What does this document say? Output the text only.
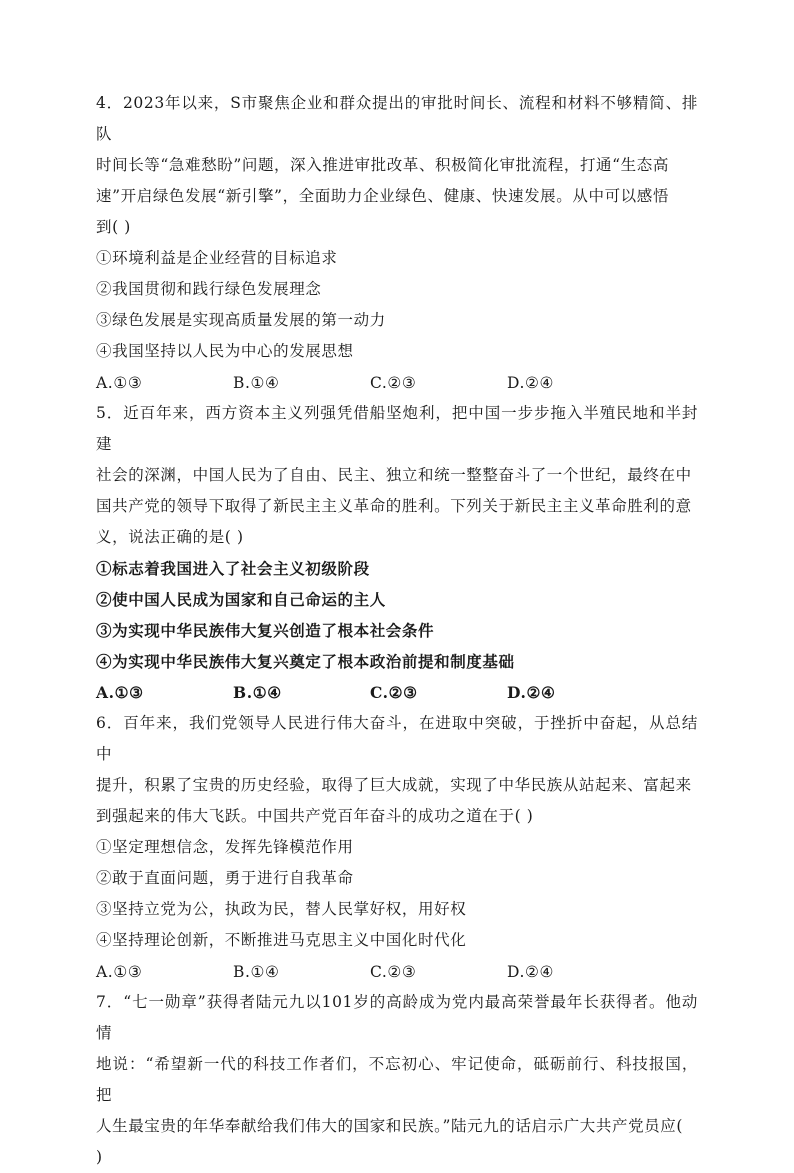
4．2023年以来，S市聚焦企业和群众提出的审批时间长、流程和材料不够精简、排队

时间长等“急难愁盼”问题，深入推进审批改革、积极简化审批流程，打通“生态高

速”开启绿色发展“新引擎”，全面助力企业绿色、健康、快速发展。从中可以感悟

到( )

①环境利益是企业经营的目标追求

②我国贯彻和践行绿色发展理念

③绿色发展是实现高质量发展的第一动力

④我国坚持以人民为中心的发展思想

A.①③	B.①④	C.②③	D.②④

5．近百年来，西方资本主义列强凭借船坚炮利，把中国一步步拖入半殖民地和半封建

社会的深渊，中国人民为了自由、民主、独立和统一整整奋斗了一个世纪，最终在中

国共产党的领导下取得了新民主主义革命的胜利。下列关于新民主主义革命胜利的意

义，说法正确的是( )

①标志着我国进入了社会主义初级阶段

②使中国人民成为国家和自己命运的主人

③为实现中华民族伟大复兴创造了根本社会条件

④为实现中华民族伟大复兴奠定了根本政治前提和制度基础

A.①③	B.①④	C.②③	D.②④

6．百年来，我们党领导人民进行伟大奋斗，在进取中突破，于挫折中奋起，从总结中

提升，积累了宝贵的历史经验，取得了巨大成就，实现了中华民族从站起来、富起来

到强起来的伟大飞跃。中国共产党百年奋斗的成功之道在于( )

①坚定理想信念，发挥先锋模范作用

②敢于直面问题，勇于进行自我革命

③坚持立党为公，执政为民，替人民掌好权，用好权

④坚持理论创新，不断推进马克思主义中国化时代化

A.①③	B.①④	C.②③	D.②④

7．“七一勋章”获得者陆元九以101岁的高龄成为党内最高荣誉最年长获得者。他动情

地说：“希望新一代的科技工作者们，不忘初心、牢记使命，砥砺前行、科技报国，把

人生最宝贵的年华奉献给我们伟大的国家和民族。”陆元九的话启示广大共产党员应(

)
